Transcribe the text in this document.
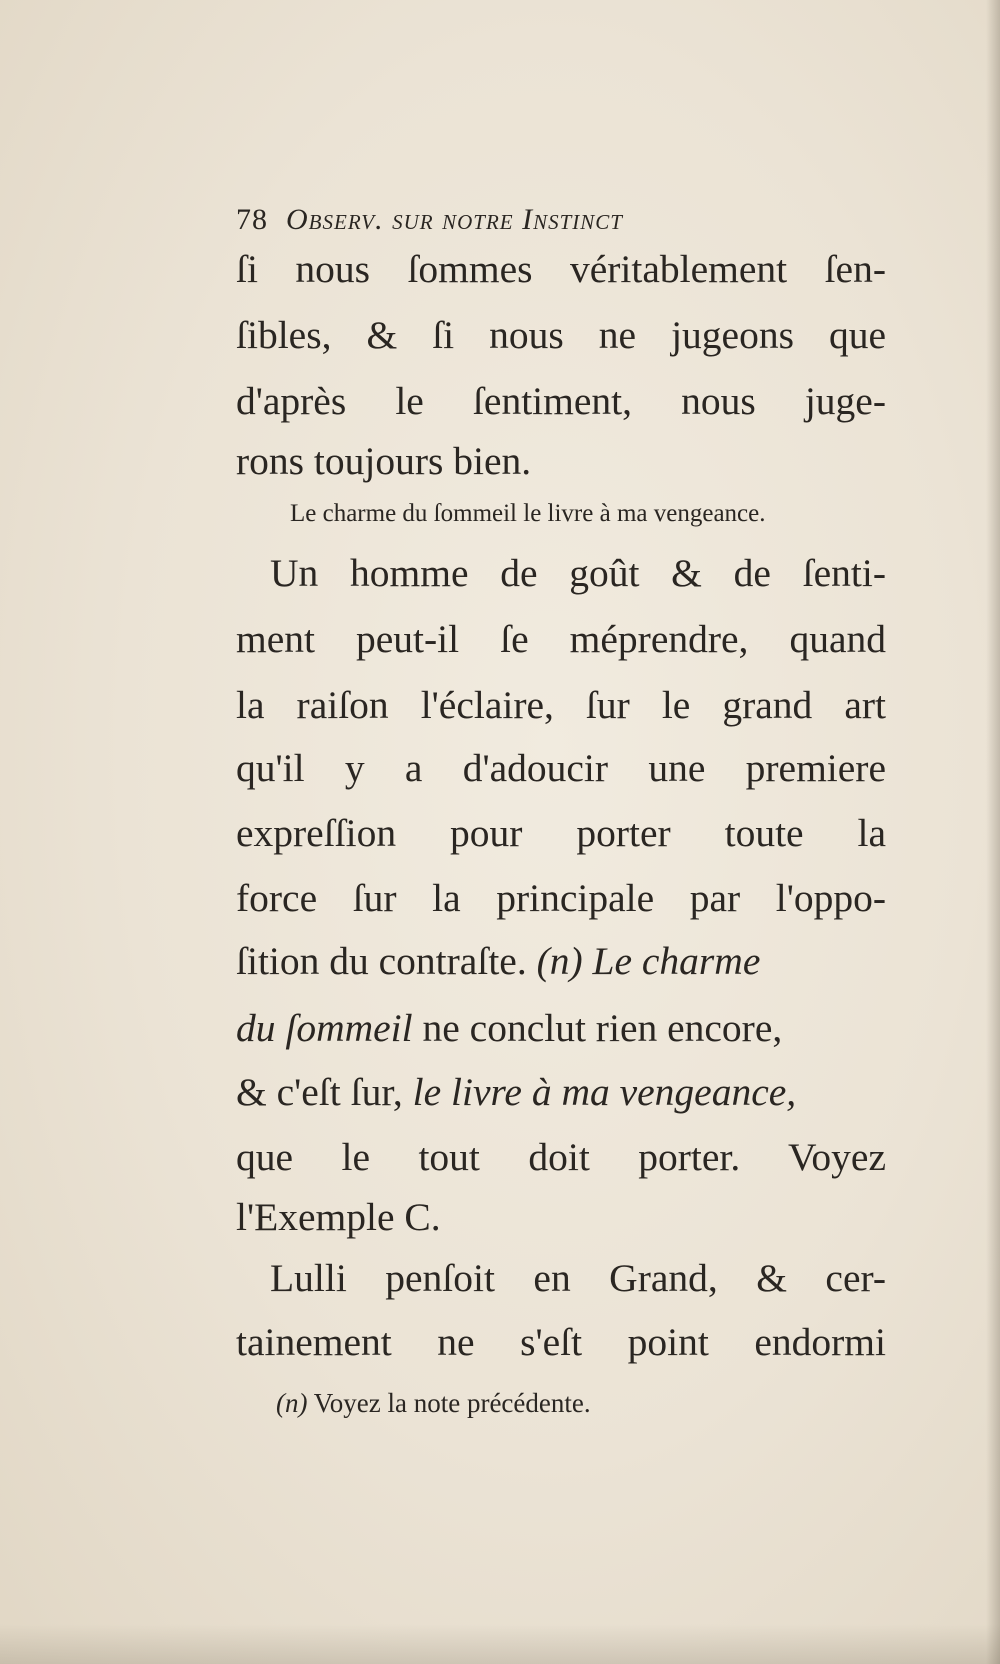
78 Observ. sur notre Instinct
ſi nous ſommes véritablement ſen-
ſibles, & ſi nous ne jugeons que
d'après le ſentiment, nous juge-
rons toujours bien.
Le charme du ſommeil le livre à ma vengeance.
Un homme de goût & de ſenti-
ment peut-il ſe méprendre, quand
la raiſon l'éclaire, ſur le grand art
qu'il y a d'adoucir une premiere
expreſſion pour porter toute la
force ſur la principale par l'oppo-
ſition du contraſte. (n) Le charme
du ſommeil ne conclut rien encore,
& c'eſt ſur, le livre à ma vengeance,
que le tout doit porter. Voyez
l'Exemple C.
Lulli penſoit en Grand, & cer-
tainement ne s'eſt point endormi
(n) Voyez la note précédente.
